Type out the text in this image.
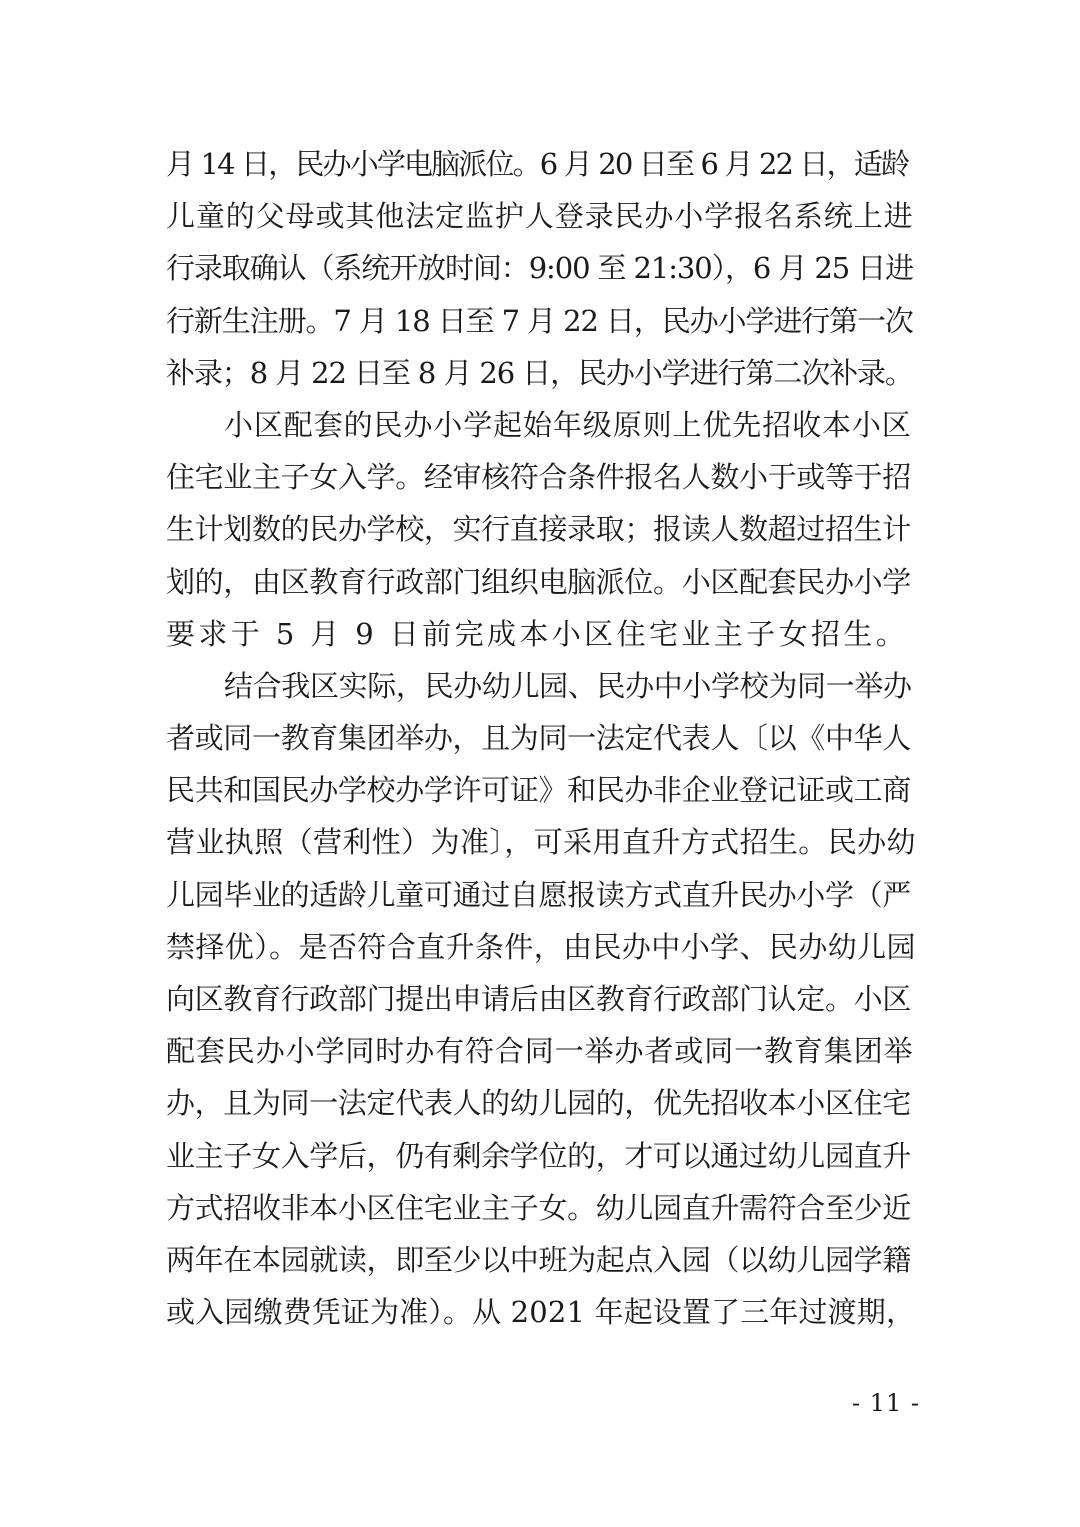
月 14 日，民办小学电脑派位。6 月 20 日至 6 月 22 日，适龄
儿童的父母或其他法定监护人登录民办小学报名系统上进
行录取确认（系统开放时间：9:00 至 21:30），6 月 25 日进
行新生注册。7 月 18 日至 7 月 22 日，民办小学进行第一次
补录；8 月 22 日至 8 月 26 日，民办小学进行第二次补录。
小区配套的民办小学起始年级原则上优先招收本小区
住宅业主子女入学。经审核符合条件报名人数小于或等于招
生计划数的民办学校，实行直接录取；报读人数超过招生计
划的，由区教育行政部门组织电脑派位。小区配套民办小学
要求于 5 月 9 日前完成本小区住宅业主子女招生。
结合我区实际，民办幼儿园、民办中小学校为同一举办
者或同一教育集团举办，且为同一法定代表人〔以《中华人
民共和国民办学校办学许可证》和民办非企业登记证或工商
营业执照（营利性）为准〕，可采用直升方式招生。民办幼
儿园毕业的适龄儿童可通过自愿报读方式直升民办小学（严
禁择优）。是否符合直升条件，由民办中小学、民办幼儿园
向区教育行政部门提出申请后由区教育行政部门认定。小区
配套民办小学同时办有符合同一举办者或同一教育集团举
办，且为同一法定代表人的幼儿园的，优先招收本小区住宅
业主子女入学后，仍有剩余学位的，才可以通过幼儿园直升
方式招收非本小区住宅业主子女。幼儿园直升需符合至少近
两年在本园就读，即至少以中班为起点入园（以幼儿园学籍
或入园缴费凭证为准）。从 2021 年起设置了三年过渡期，
- 11 -
